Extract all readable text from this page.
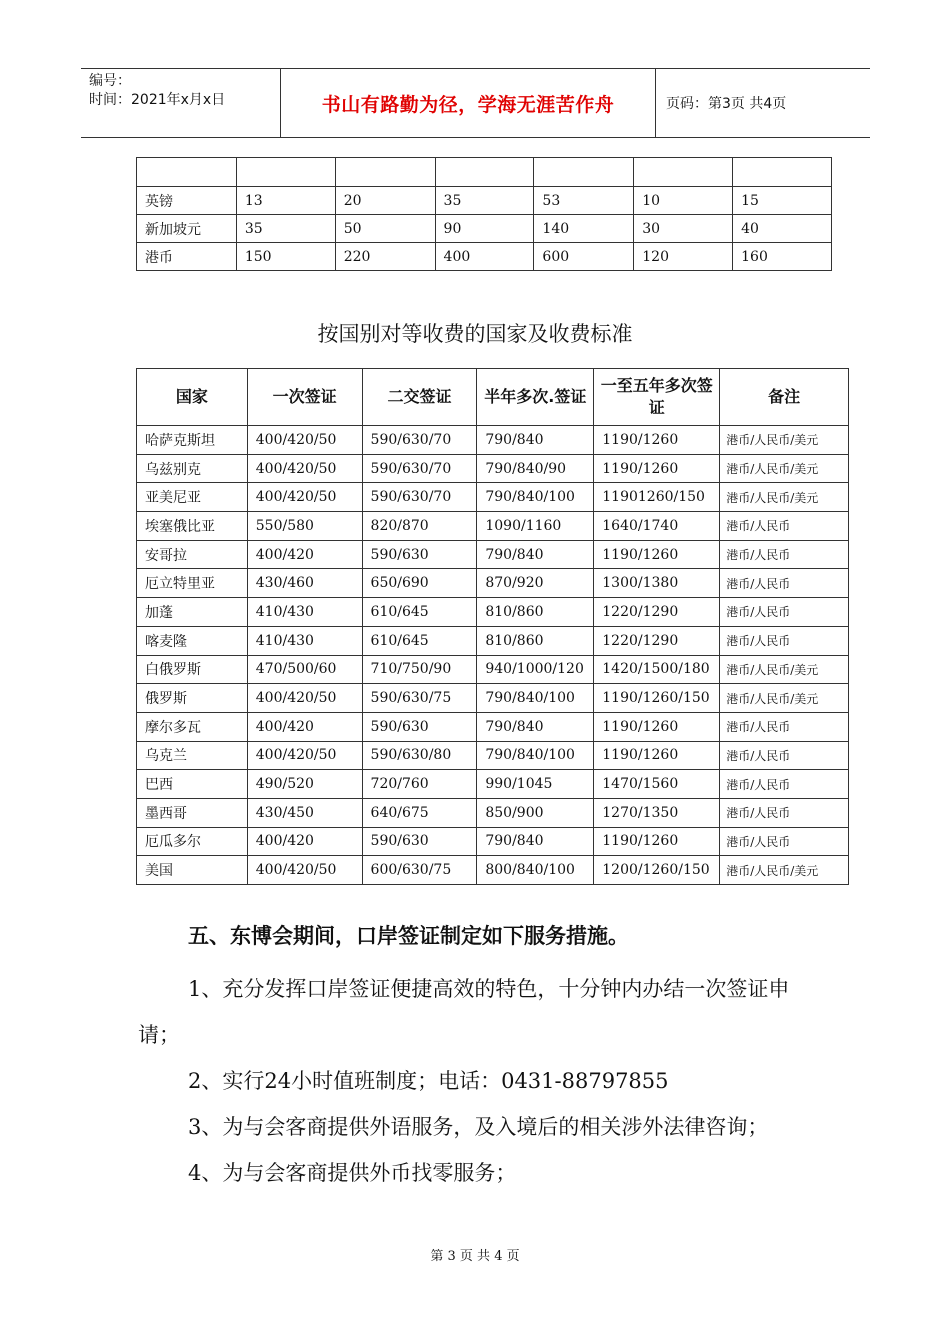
编号：
时间：2021年x月x日	书山有路勤为径，学海无涯苦作舟	页码：第3页 共4页

英镑	13	20	35	53	10	15
新加坡元	35	50	90	140	30	40
港币	150	220	400	600	120	160
按国别对等收费的国家及收费标准
国家	一次签证	二交签证	半年多次.签证	一至五年多次签证	备注
哈萨克斯坦	400/420/50	590/630/70	790/840	1190/1260	港币/人民币/美元
乌兹别克	400/420/50	590/630/70	790/840/90	1190/1260	港币/人民币/美元
亚美尼亚	400/420/50	590/630/70	790/840/100	11901260/150	港币/人民币/美元
埃塞俄比亚	550/580	820/870	1090/1160	1640/1740	港币/人民币
安哥拉	400/420	590/630	790/840	1190/1260	港币/人民币
厄立特里亚	430/460	650/690	870/920	1300/1380	港币/人民币
加蓬	410/430	610/645	810/860	1220/1290	港币/人民币
喀麦隆	410/430	610/645	810/860	1220/1290	港币/人民币
白俄罗斯	470/500/60	710/750/90	940/1000/120	1420/1500/180	港币/人民币/美元
俄罗斯	400/420/50	590/630/75	790/840/100	1190/1260/150	港币/人民币/美元
摩尔多瓦	400/420	590/630	790/840	1190/1260	港币/人民币
乌克兰	400/420/50	590/630/80	790/840/100	1190/1260	港币/人民币
巴西	490/520	720/760	990/1045	1470/1560	港币/人民币
墨西哥	430/450	640/675	850/900	1270/1350	港币/人民币
厄瓜多尔	400/420	590/630	790/840	1190/1260	港币/人民币
美国	400/420/50	600/630/75	800/840/100	1200/1260/150	港币/人民币/美元
五、东博会期间，口岸签证制定如下服务措施。

1、充分发挥口岸签证便捷高效的特色，十分钟内办结一次签证申请；

2、实行24小时值班制度；电话：0431-88797855

3、为与会客商提供外语服务，及入境后的相关涉外法律咨询；

4、为与会客商提供外币找零服务；

第 3 页 共 4 页
